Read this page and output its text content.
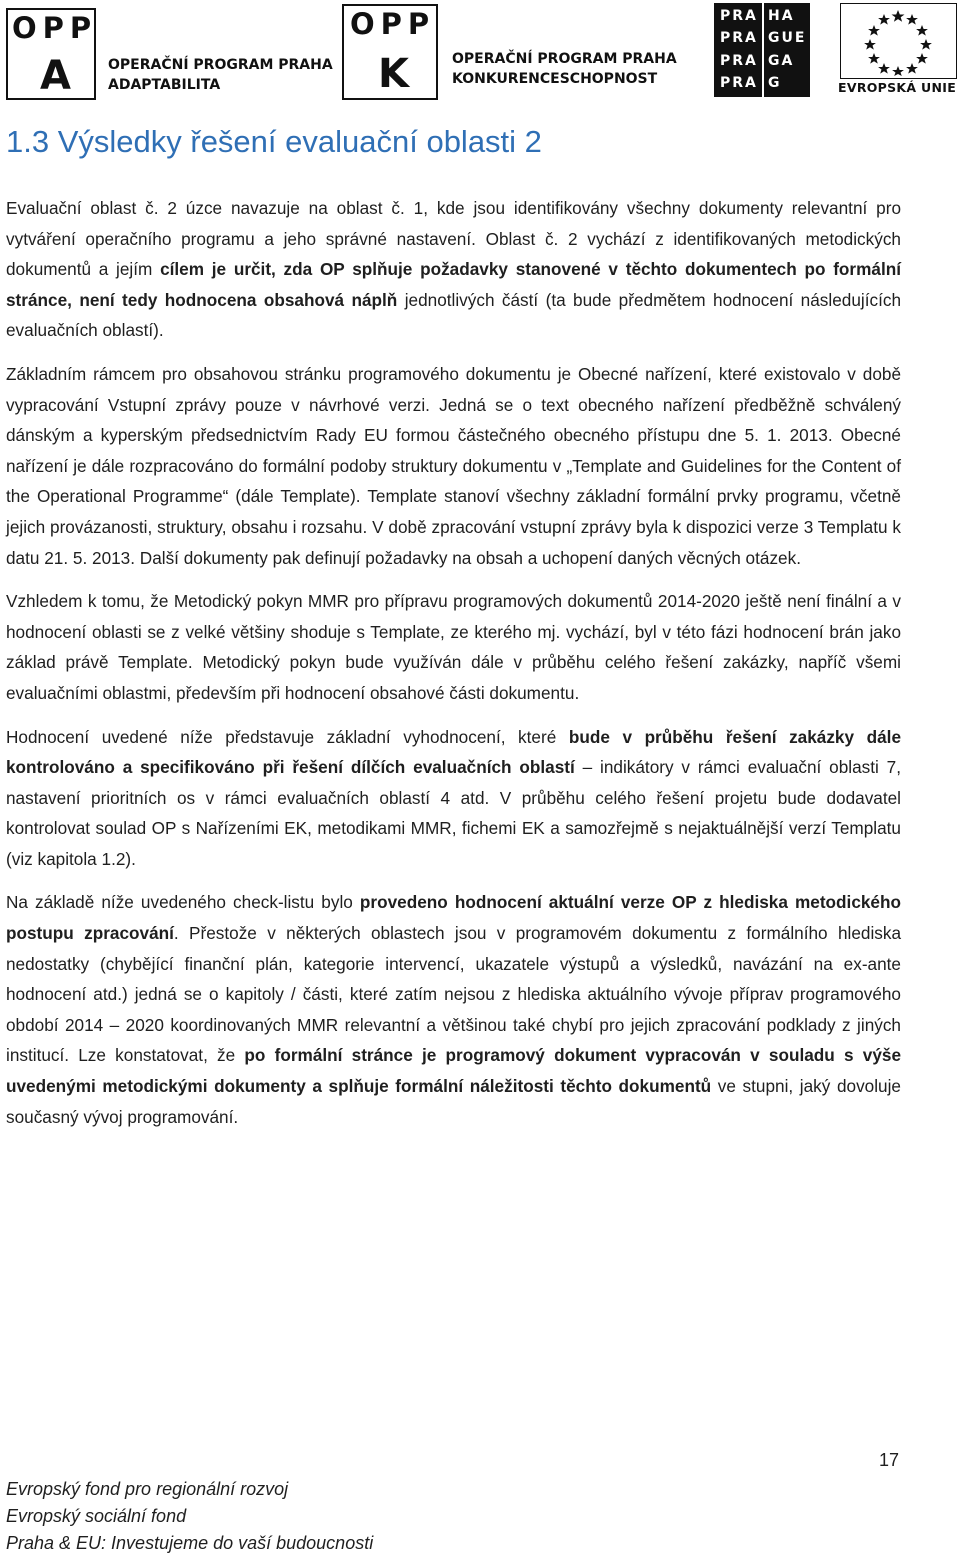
OPP
A	OPERAČNÍ PROGRAM PRAHA
ADAPTABILITA
OPP
K	OPERAČNÍ PROGRAM PRAHA
KONKURENCESCHOPNOST
PRA HA
PRA GUE
PRA GA
PRA G	EVROPSKÁ UNIE
1.3 Výsledky řešení evaluační oblasti 2

Evaluační oblast č. 2 úzce navazuje na oblast č. 1, kde jsou identifikovány všechny dokumenty relevantní pro vytváření operačního programu a jeho správné nastavení. Oblast č. 2 vychází z identifikovaných metodických dokumentů a jejím cílem je určit, zda OP splňuje požadavky stanovené v těchto dokumentech po formální stránce, není tedy hodnocena obsahová náplň jednotlivých částí (ta bude předmětem hodnocení následujících evaluačních oblastí).

Základním rámcem pro obsahovou stránku programového dokumentu je Obecné nařízení, které existovalo v době vypracování Vstupní zprávy pouze v návrhové verzi. Jedná se o text obecného nařízení předběžně schválený dánským a kyperským předsednictvím Rady EU formou částečného obecného přístupu dne 5. 1. 2013. Obecné nařízení je dále rozpracováno do formální podoby struktury dokumentu v „Template and Guidelines for the Content of the Operational Programme“ (dále Template). Template stanoví všechny základní formální prvky programu, včetně jejich provázanosti, struktury, obsahu i rozsahu. V době zpracování vstupní zprávy byla k dispozici verze 3 Templatu k datu 21. 5. 2013. Další dokumenty pak definují požadavky na obsah a uchopení daných věcných otázek.

Vzhledem k tomu, že Metodický pokyn MMR pro přípravu programových dokumentů 2014-2020 ještě není finální a v hodnocení oblasti se z velké většiny shoduje s Template, ze kterého mj. vychází, byl v této fázi hodnocení brán jako základ právě Template. Metodický pokyn bude využíván dále v průběhu celého řešení zakázky, napříč všemi evaluačními oblastmi, především při hodnocení obsahové části dokumentu.

Hodnocení uvedené níže představuje základní vyhodnocení, které bude v průběhu řešení zakázky dále kontrolováno a specifikováno při řešení dílčích evaluačních oblastí – indikátory v rámci evaluační oblasti 7, nastavení prioritních os v rámci evaluačních oblastí 4 atd. V průběhu celého řešení projetu bude dodavatel kontrolovat soulad OP s Nařízeními EK, metodikami MMR, fichemi EK a samozřejmě s nejaktuálnější verzí Templatu (viz kapitola 1.2).

Na základě níže uvedeného check-listu bylo provedeno hodnocení aktuální verze OP z hlediska metodického postupu zpracování. Přestože v některých oblastech jsou v programovém dokumentu z formálního hlediska nedostatky (chybějící finanční plán, kategorie intervencí, ukazatele výstupů a výsledků, navázání na ex-ante hodnocení atd.) jedná se o kapitoly / části, které zatím nejsou z hlediska aktuálního vývoje příprav programového období 2014 – 2020 koordinovaných MMR relevantní a většinou také chybí pro jejich zpracování podklady z jiných institucí. Lze konstatovat, že po formální stránce je programový dokument vypracován v souladu s výše uvedenými metodickými dokumenty a splňuje formální náležitosti těchto dokumentů ve stupni, jaký dovoluje současný vývoj programování.

17
Evropský fond pro regionální rozvoj
Evropský sociální fond
Praha & EU: Investujeme do vaší budoucnosti
